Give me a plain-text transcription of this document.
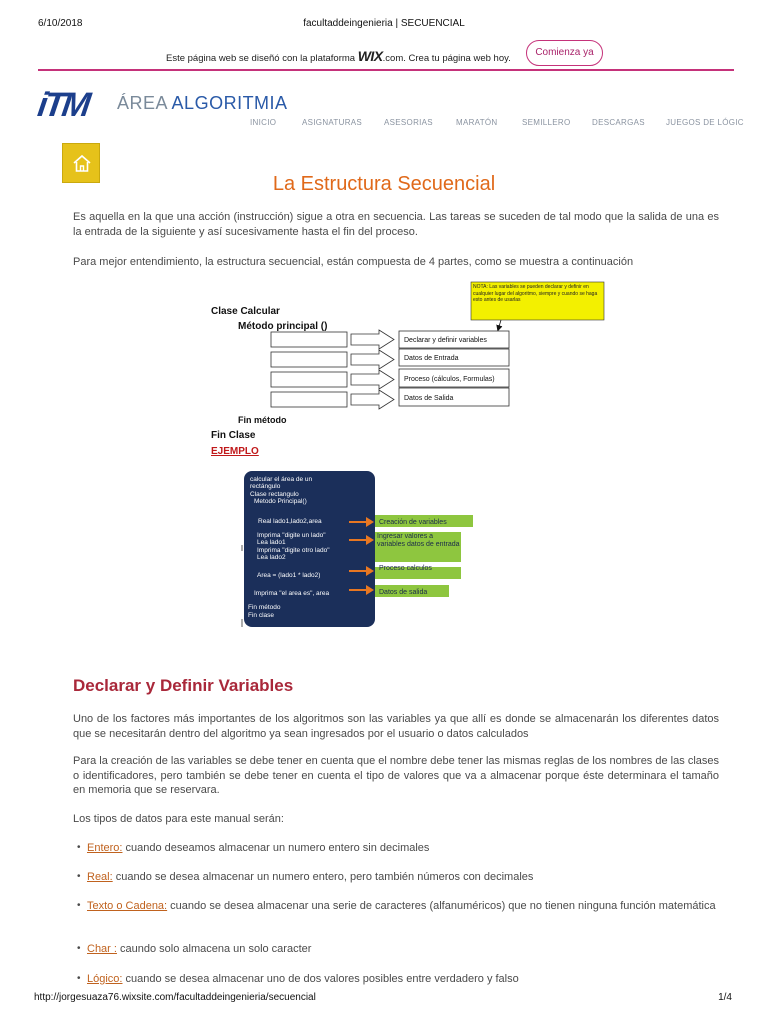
6/10/2018	facultaddeingenieria | SECUENCIAL
Este página web se diseñó con la plataforma WIX.com. Crea tu página web hoy.
Comienza ya
iTM	ÁREA ALGORITMIA
INICIO	ASIGNATURAS	ASESORIAS	MARATÓN	SEMILLERO	DESCARGAS	JUEGOS DE LÓGIC
La Estructura Secuencial
Es aquella en la que una acción (instrucción) sigue a otra en secuencia. Las tareas se suceden de tal modo que la salida de una es la entrada de la siguiente y así sucesivamente hasta el fin del proceso.
Para mejor entendimiento, la estructura secuencial, están compuesta de 4 partes, como se muestra a continuación
NOTA: Las variables se pueden declarar y definir en cualquier lugar del algoritmo, siempre y cuando se haga esto antes de usarlas
Clase Calcular
Método principal ()
Declarar y definir variables
Datos de Entrada
Proceso (cálculos, Formulas)
Datos de Salida
Fin método
Fin Clase
EJEMPLO
calcular el área de un
rectángulo
Clase rectangulo
Metodo Principal()
Real lado1,lado2,area
Imprima "digite un lado"
Lea lado1
Imprima "digite otro lado"
Lea lado2
Area = (lado1 * lado2)
Imprima "el area es", area
Fin método
Fin clase
Creación de variables
Proceso calculos
Datos de salida
Ingresar valores a variables datos de entrada
Declarar y Definir Variables
Uno de los factores más importantes de los algoritmos son las variables ya que allí es donde se almacenarán los diferentes datos que se necesitarán dentro del algoritmo ya sean ingresados por el usuario o datos calculados
Para la creación de las variables se debe tener en cuenta que el nombre debe tener las mismas reglas de los nombres de las clases o identificadores, pero también se debe tener en cuenta el tipo de valores que va a almacenar porque éste determinara el tamaño en memoria que se reservara.
Los tipos de datos para este manual serán:
• Entero: cuando deseamos almacenar un numero entero sin decimales
• Real: cuando se desea almacenar un numero entero, pero también números con decimales
• Texto o Cadena: cuando se desea almacenar una serie de caracteres (alfanuméricos) que no tienen ninguna función matemática
• Char : caundo solo almacena un solo caracter
• Lógico: cuando se desea almacenar uno de dos valores posibles entre verdadero y falso
http://jorgesuaza76.wixsite.com/facultaddeingenieria/secuencial	1/4
